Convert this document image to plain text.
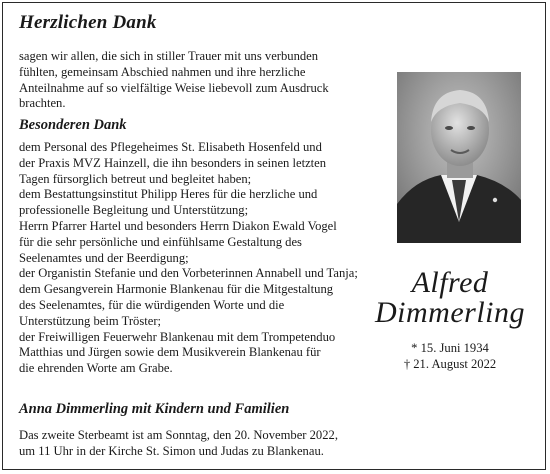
Herzlichen Dank
sagen wir allen, die sich in stiller Trauer mit uns verbunden
fühlten, gemeinsam Abschied nahmen und ihre herzliche
Anteilnahme auf so vielfältige Weise liebevoll zum Ausdruck
brachten.
Besonderen Dank
dem Personal des Pflegeheimes St. Elisabeth Hosenfeld und
der Praxis MVZ Hainzell, die ihn besonders in seinen letzten
Tagen fürsorglich betreut und begleitet haben;
dem Bestattungsinstitut Philipp Heres für die herzliche und
professionelle Begleitung und Unterstützung;
Herrn Pfarrer Hartel und besonders Herrn Diakon Ewald Vogel
für die sehr persönliche und einfühlsame Gestaltung des
Seelenamtes und der Beerdigung;
der Organistin Stefanie und den Vorbeterinnen Annabell und Tanja;
dem Gesangverein Harmonie Blankenau für die Mitgestaltung
des Seelenamtes, für die würdigenden Worte und die
Unterstützung beim Tröster;
der Freiwilligen Feuerwehr Blankenau mit dem Trompetenduo
Matthias und Jürgen sowie dem Musikverein Blankenau für
die ehrenden Worte am Grabe.
Anna Dimmerling mit Kindern und Familien
Das zweite Sterbeamt ist am Sonntag, den 20. November 2022,
um 11 Uhr in der Kirche St. Simon und Judas zu Blankenau.
Alfred
Dimmerling
* 15. Juni 1934
† 21. August 2022
